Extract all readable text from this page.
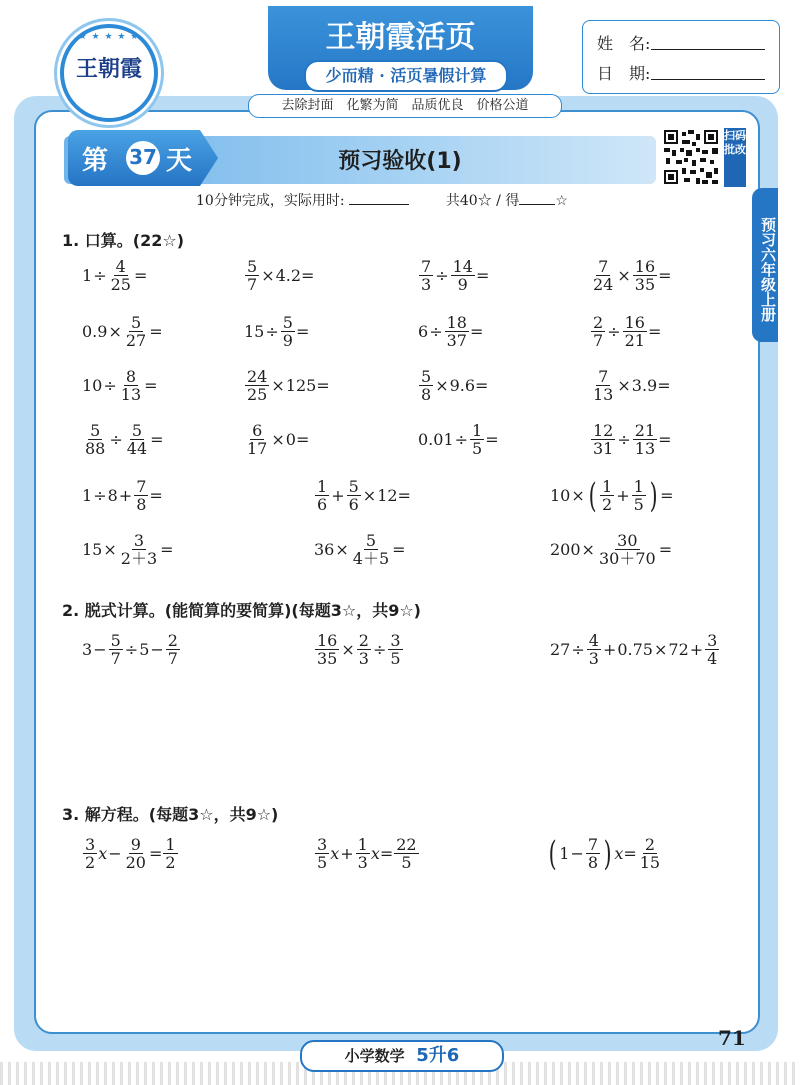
★ ★ ★ ★ ★
王朝霞
王朝霞活页
少而精 · 活页暑假计算
去除封面　化繁为简　品质优良　价格公道
姓　名:
日　期:
第 37 天	预习验收(1)
扫码批改
预习六年级上册
10分钟完成，实际用时:	共40☆ / 得	☆
1. 口算。(22☆)
$1 \div \frac{4}{25}$ =	$\frac{5}{7} \times 4.2=$	$\frac{7}{3} \div \frac{14}{9}$ =	$\frac{7}{24} \times \frac{16}{35}$ =
$0.9 \times \frac{5}{27}$ =	$15 \div \frac{5}{9}$ =	$6 \div \frac{18}{37}$ =	$\frac{2}{7} \div \frac{16}{21}$ =
$10 \div \frac{8}{13}$ =	$\frac{24}{25} \times 125=$	$\frac{5}{8} \times 9.6=$	$\frac{7}{13} \times 3.9=$
$\frac{5}{88} \div \frac{5}{44}$ =	$\frac{6}{17} \times 0=$	$0.01 \div \frac{1}{5}$ =	$\frac{12}{31} \div \frac{21}{13}$ =
$1 \div 8 + \frac{7}{8}$ =	$\frac{1}{6} + \frac{5}{6} \times 12=$	10 × ( $\frac{1}{2} + \frac{1}{5}$ ) =
$15 \times \frac{3}{2+3}$ =	$36 \times \frac{5}{4+5}$ =	$200 \times \frac{30}{30+70}$ =
2. 脱式计算。(能简算的要简算)(每题3☆，共9☆)
$3 - \frac{5}{7} \div 5 - \frac{2}{7}$	$\frac{16}{35} \times \frac{2}{3} \div \frac{3}{5}$	$27 \div \frac{4}{3} + 0.75 \times 72 + \frac{3}{4}$
3. 解方程。(每题3☆，共9☆)
$\frac{3}{2}$ $x - \frac{9}{20} = \frac{1}{2}$	$\frac{3}{5}$ $x + \frac{1}{3}$ $x = \frac{22}{5}$	( $1 - \frac{7}{8}$ ) $x = \frac{2}{15}$
小学数学 5升6
71
